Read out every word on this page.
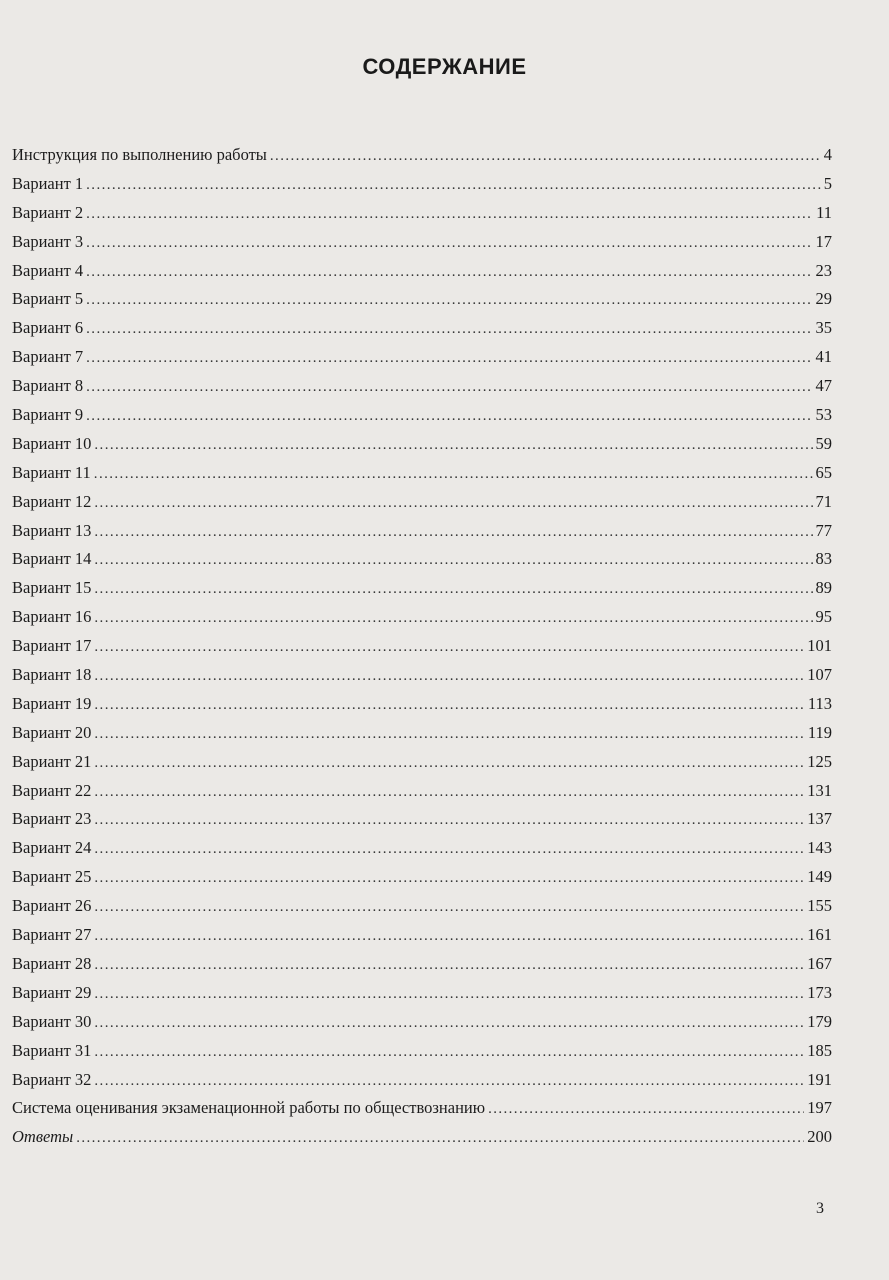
СОДЕРЖАНИЕ
Инструкция по выполнению работы .....	4
Вариант 1 .....	5
Вариант 2 .....	11
Вариант 3 .....	17
Вариант 4 .....	23
Вариант 5 .....	29
Вариант 6 .....	35
Вариант 7 .....	41
Вариант 8 .....	47
Вариант 9 .....	53
Вариант 10 .....	59
Вариант 11 .....	65
Вариант 12 .....	71
Вариант 13 .....	77
Вариант 14 .....	83
Вариант 15 .....	89
Вариант 16 .....	95
Вариант 17 .....	101
Вариант 18 .....	107
Вариант 19 .....	113
Вариант 20 .....	119
Вариант 21 .....	125
Вариант 22 .....	131
Вариант 23 .....	137
Вариант 24 .....	143
Вариант 25 .....	149
Вариант 26 .....	155
Вариант 27 .....	161
Вариант 28 .....	167
Вариант 29 .....	173
Вариант 30 .....	179
Вариант 31 .....	185
Вариант 32 .....	191
Система оценивания экзаменационной работы по обществознанию .....	197
Ответы .....	200
3
